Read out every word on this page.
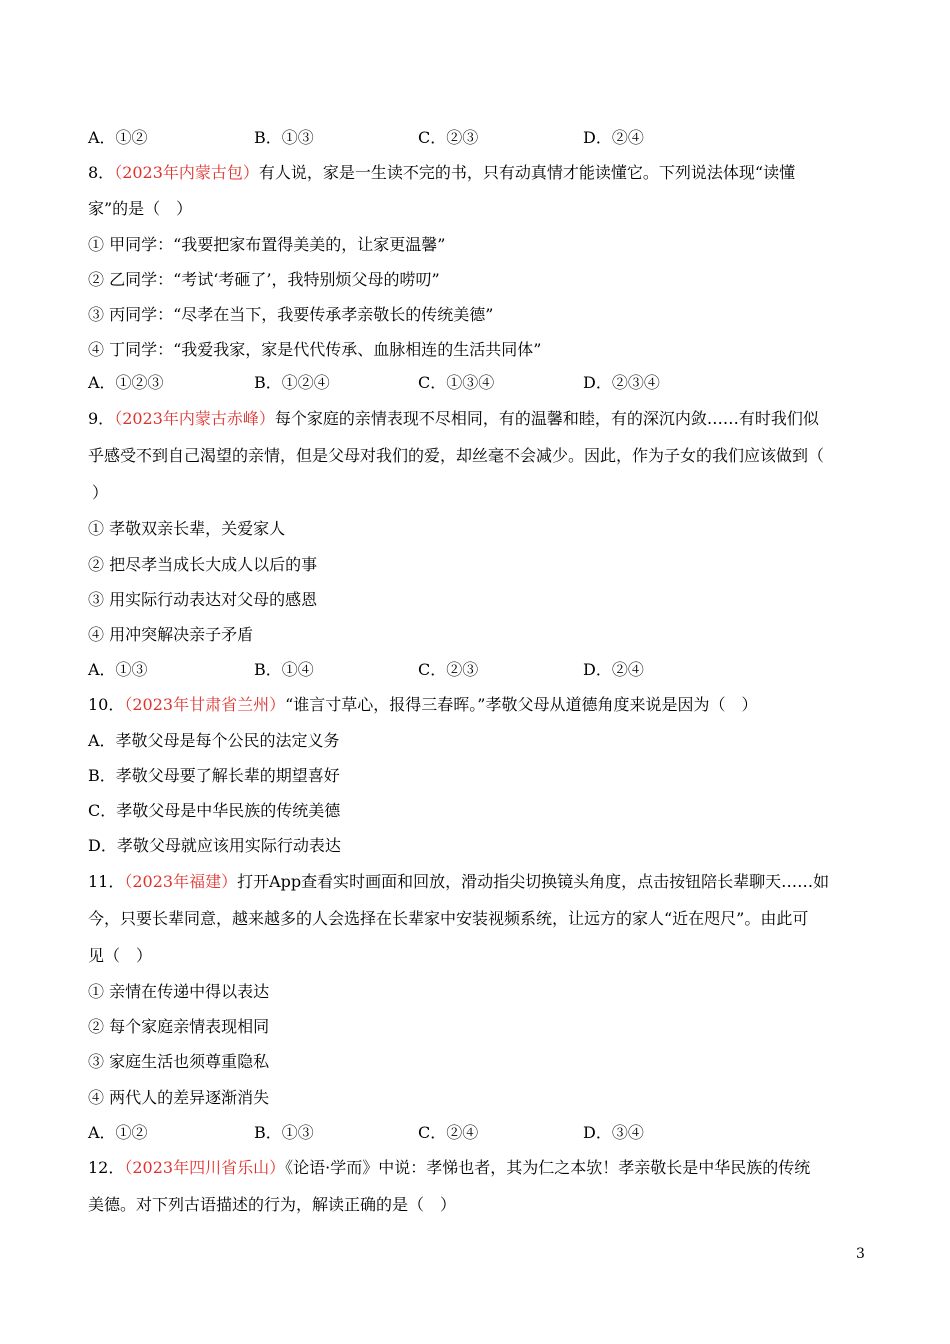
A．①②	B．①③	C．②③	D．②④
8．（2023年内蒙古包）有人说，家是一生读不完的书，只有动真情才能读懂它。下列说法体现“读懂
家”的是（　）
① 甲同学：“我要把家布置得美美的，让家更温馨”
② 乙同学：“考试‘考砸了’，我特别烦父母的唠叨”
③ 丙同学：“尽孝在当下，我要传承孝亲敬长的传统美德”
④ 丁同学：“我爱我家，家是代代传承、血脉相连的生活共同体”
A．①②③	B．①②④	C．①③④	D．②③④
9．（2023年内蒙古赤峰）每个家庭的亲情表现不尽相同，有的温馨和睦，有的深沉内敛……有时我们似
乎感受不到自己渴望的亲情，但是父母对我们的爱，却丝毫不会减少。因此，作为子女的我们应该做到（
）
① 孝敬双亲长辈，关爱家人
② 把尽孝当成长大成人以后的事
③ 用实际行动表达对父母的感恩
④ 用冲突解决亲子矛盾
A．①③	B．①④	C．②③	D．②④
10．（2023年甘肃省兰州）“谁言寸草心，报得三春晖。”孝敬父母从道德角度来说是因为（　）
A．孝敬父母是每个公民的法定义务
B．孝敬父母要了解长辈的期望喜好
C．孝敬父母是中华民族的传统美德
D．孝敬父母就应该用实际行动表达
11．（2023年福建）打开App查看实时画面和回放，滑动指尖切换镜头角度，点击按钮陪长辈聊天……如
今，只要长辈同意，越来越多的人会选择在长辈家中安装视频系统，让远方的家人“近在咫尺”。由此可
见（　）
① 亲情在传递中得以表达
② 每个家庭亲情表现相同
③ 家庭生活也须尊重隐私
④ 两代人的差异逐渐消失
A．①②	B．①③	C．②④	D．③④
12．（2023年四川省乐山）《论语·学而》中说：孝悌也者，其为仁之本欤！孝亲敬长是中华民族的传统
美德。对下列古语描述的行为，解读正确的是（　）
3
